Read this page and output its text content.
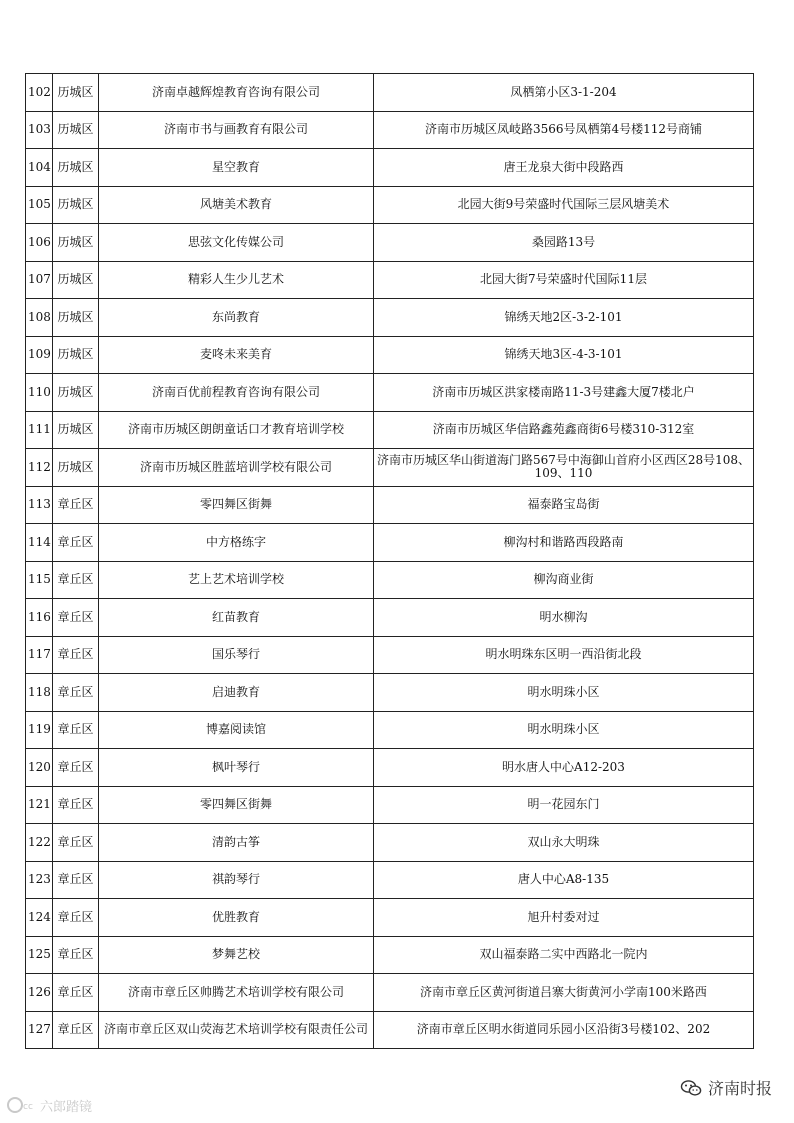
102	历城区	济南卓越辉煌教育咨询有限公司	凤栖第小区3-1-204
103	历城区	济南市书与画教育有限公司	济南市历城区凤岐路3566号凤栖第4号楼112号商铺
104	历城区	星空教育	唐王龙泉大街中段路西
105	历城区	风塘美术教育	北园大街9号荣盛时代国际三层风塘美术
106	历城区	思弦文化传媒公司	桑园路13号
107	历城区	精彩人生少儿艺术	北园大街7号荣盛时代国际11层
108	历城区	东尚教育	锦绣天地2区-3-2-101
109	历城区	麦咚未来美育	锦绣天地3区-4-3-101
110	历城区	济南百优前程教育咨询有限公司	济南市历城区洪家楼南路11-3号建鑫大厦7楼北户
111	历城区	济南市历城区朗朗童话口才教育培训学校	济南市历城区华信路鑫苑鑫商街6号楼310-312室
112	历城区	济南市历城区胜蓝培训学校有限公司	济南市历城区华山街道海门路567号中海御山首府小区西区28号108、109、110
113	章丘区	零四舞区街舞	福泰路宝岛街
114	章丘区	中方格练字	柳沟村和谐路西段路南
115	章丘区	艺上艺术培训学校	柳沟商业街
116	章丘区	红苗教育	明水柳沟
117	章丘区	国乐琴行	明水明珠东区明一西沿街北段
118	章丘区	启迪教育	明水明珠小区
119	章丘区	博嘉阅读馆	明水明珠小区
120	章丘区	枫叶琴行	明水唐人中心A12-203
121	章丘区	零四舞区街舞	明一花园东门
122	章丘区	清韵古筝	双山永大明珠
123	章丘区	祺韵琴行	唐人中心A8-135
124	章丘区	优胜教育	旭升村委对过
125	章丘区	梦舞艺校	双山福泰路二实中西路北一院内
126	章丘区	济南市章丘区帅腾艺术培训学校有限公司	济南市章丘区黄河街道吕寨大街黄河小学南100米路西
127	章丘区	济南市章丘区双山荧海艺术培训学校有限责任公司	济南市章丘区明水街道同乐园小区沿街3号楼102、202
cc 六郎踏镜
济南时报
